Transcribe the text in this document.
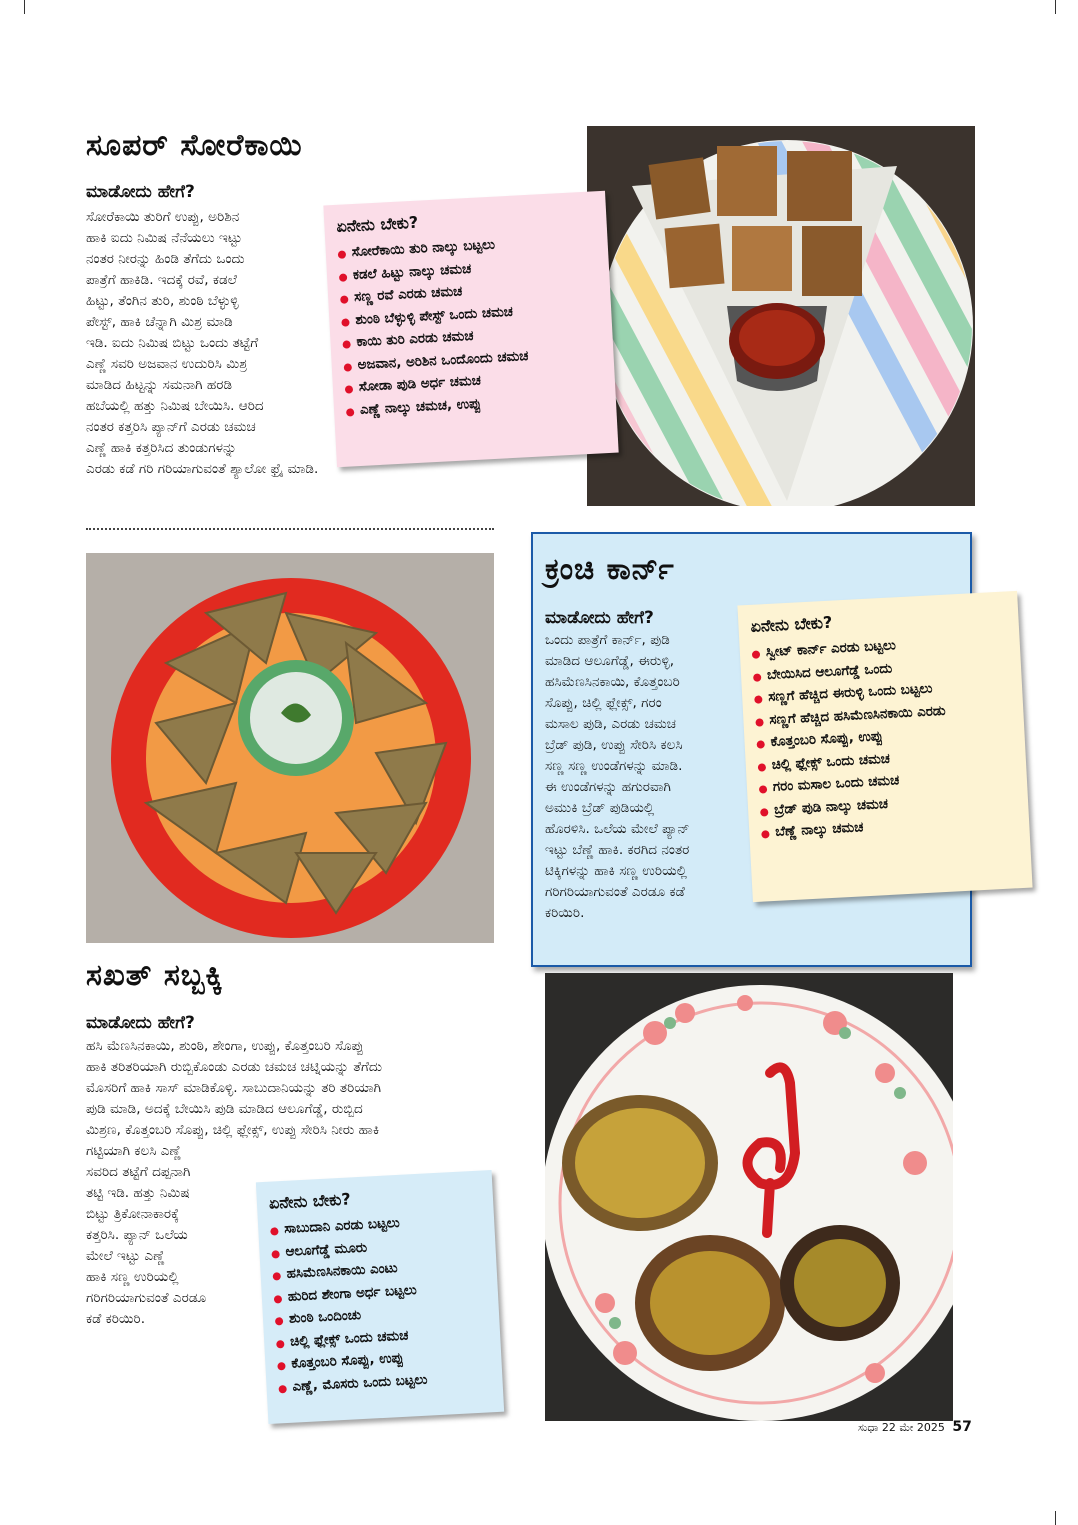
ಸೂಪರ್ ಸೋರೆಕಾಯಿ
ಮಾಡೋದು ಹೇಗೆ?

ಸೋರೆಕಾಯಿ ತುರಿಗೆ ಉಪ್ಪು, ಅರಿಶಿನ

ಹಾಕಿ ಐದು ನಿಮಿಷ ನೆನೆಯಲು ಇಟ್ಟು

ನಂತರ ನೀರನ್ನು ಹಿಂಡಿ ತೆಗೆದು ಒಂದು

ಪಾತ್ರೆಗೆ ಹಾಕಿಡಿ. ಇದಕ್ಕೆ ರವೆ, ಕಡಲೆ

ಹಿಟ್ಟು, ತೆಂಗಿನ ತುರಿ, ಶುಂಠಿ ಬೆಳ್ಳುಳ್ಳಿ

ಪೇಸ್ಟ್, ಹಾಕಿ ಚೆನ್ನಾಗಿ ಮಿಶ್ರ ಮಾಡಿ

ಇಡಿ. ಐದು ನಿಮಿಷ ಬಿಟ್ಟು ಒಂದು ತಟ್ಟೆಗೆ

ಎಣ್ಣೆ ಸವರಿ ಅಜವಾನ ಉದುರಿಸಿ ಮಿಶ್ರ

ಮಾಡಿದ ಹಿಟ್ಟನ್ನು ಸಮನಾಗಿ ಹರಡಿ

ಹಬೆಯಲ್ಲಿ ಹತ್ತು ನಿಮಿಷ ಬೇಯಿಸಿ. ಆರಿದ

ನಂತರ ಕತ್ತರಿಸಿ ಪ್ಯಾನ್‌ಗೆ ಎರಡು ಚಮಚ

ಎಣ್ಣೆ ಹಾಕಿ ಕತ್ತರಿಸಿದ ತುಂಡುಗಳನ್ನು

ಎರಡು ಕಡೆ ಗರಿ ಗರಿಯಾಗುವಂತೆ ಶ್ಯಾಲೋ ಫ್ರೈ ಮಾಡಿ.

ಏನೇನು ಬೇಕು?
ಸೋರೆಕಾಯಿ ತುರಿ ನಾಲ್ಕು ಬಟ್ಟಲು
ಕಡಲೆ ಹಿಟ್ಟು ನಾಲ್ಕು ಚಮಚ
ಸಣ್ಣ ರವೆ ಎರಡು ಚಮಚ
ಶುಂಠಿ ಬೆಳ್ಳುಳ್ಳಿ ಪೇಸ್ಟ್ ಒಂದು ಚಮಚ
ಕಾಯಿ ತುರಿ ಎರಡು ಚಮಚ
ಅಜವಾನ, ಅರಿಶಿನ ಒಂದೊಂದು ಚಮಚ
ಸೋಡಾ ಪುಡಿ ಅರ್ಧ ಚಮಚ
ಎಣ್ಣೆ ನಾಲ್ಕು ಚಮಚ, ಉಪ್ಪು
ಕ್ರಂಚಿ ಕಾರ್ನ್
ಮಾಡೋದು ಹೇಗೆ?

ಒಂದು ಪಾತ್ರೆಗೆ ಕಾರ್ನ್, ಪುಡಿ

ಮಾಡಿದ ಆಲೂಗೆಡ್ಡೆ, ಈರುಳ್ಳಿ,

ಹಸಿಮೆಣಸಿನಕಾಯಿ, ಕೊತ್ತಂಬರಿ

ಸೊಪ್ಪು, ಚಿಲ್ಲಿ ಫ್ಲೇಕ್ಸ್, ಗರಂ

ಮಸಾಲ ಪುಡಿ, ಎರಡು ಚಮಚ

ಬ್ರೆಡ್ ಪುಡಿ, ಉಪ್ಪು ಸೇರಿಸಿ ಕಲಸಿ

ಸಣ್ಣ ಸಣ್ಣ ಉಂಡೆಗಳನ್ನು ಮಾಡಿ.

ಈ ಉಂಡೆಗಳನ್ನು ಹಗುರವಾಗಿ

ಅಮುಕಿ ಬ್ರೆಡ್ ಪುಡಿಯಲ್ಲಿ

ಹೊರಳಿಸಿ. ಒಲೆಯ ಮೇಲೆ ಪ್ಯಾನ್

ಇಟ್ಟು ಬೆಣ್ಣೆ ಹಾಕಿ. ಕರಗಿದ ನಂತರ

ಟಿಕ್ಕಿಗಳನ್ನು ಹಾಕಿ ಸಣ್ಣ ಉರಿಯಲ್ಲಿ

ಗರಿಗರಿಯಾಗುವಂತೆ ಎರಡೂ ಕಡೆ

ಕರಿಯಿರಿ.

ಏನೇನು ಬೇಕು?
ಸ್ವೀಟ್ ಕಾರ್ನ್ ಎರಡು ಬಟ್ಟಲು
ಬೇಯಿಸಿದ ಆಲೂಗೆಡ್ಡೆ ಒಂದು
ಸಣ್ಣಗೆ ಹೆಚ್ಚಿದ ಈರುಳ್ಳಿ ಒಂದು ಬಟ್ಟಲು
ಸಣ್ಣಗೆ ಹೆಚ್ಚಿದ ಹಸಿಮೆಣಸಿನಕಾಯಿ ಎರಡು
ಕೊತ್ತಂಬರಿ ಸೊಪ್ಪು, ಉಪ್ಪು
ಚಿಲ್ಲಿ ಫ್ಲೇಕ್ಸ್ ಒಂದು ಚಮಚ
ಗರಂ ಮಸಾಲ ಒಂದು ಚಮಚ
ಬ್ರೆಡ್ ಪುಡಿ ನಾಲ್ಕು ಚಮಚ
ಬೆಣ್ಣೆ ನಾಲ್ಕು ಚಮಚ
ಸಖತ್ ಸಬ್ಬಕ್ಕಿ
ಮಾಡೋದು ಹೇಗೆ?

ಹಸಿ ಮೆಣಸಿನಕಾಯಿ, ಶುಂಠಿ, ಶೇಂಗಾ, ಉಪ್ಪು, ಕೊತ್ತಂಬರಿ ಸೊಪ್ಪು

ಹಾಕಿ ತರಿತರಿಯಾಗಿ ರುಬ್ಬಿಕೊಂಡು ಎರಡು ಚಮಚ ಚಟ್ನಿಯನ್ನು ತೆಗೆದು

ಮೊಸರಿಗೆ ಹಾಕಿ ಸಾಸ್ ಮಾಡಿಕೊಳ್ಳಿ. ಸಾಬುದಾನಿಯನ್ನು ತರಿ ತರಿಯಾಗಿ

ಪುಡಿ ಮಾಡಿ, ಅದಕ್ಕೆ ಬೇಯಿಸಿ ಪುಡಿ ಮಾಡಿದ ಆಲೂಗೆಡ್ಡೆ, ರುಬ್ಬಿದ

ಮಿಶ್ರಣ, ಕೊತ್ತಂಬರಿ ಸೊಪ್ಪು, ಚಿಲ್ಲಿ ಫ್ಲೇಕ್ಸ್, ಉಪ್ಪು ಸೇರಿಸಿ ನೀರು ಹಾಕಿ

ಗಟ್ಟಿಯಾಗಿ ಕಲಸಿ ಎಣ್ಣೆ

ಸವರಿದ ತಟ್ಟೆಗೆ ದಪ್ಪನಾಗಿ

ತಟ್ಟಿ ಇಡಿ. ಹತ್ತು ನಿಮಿಷ

ಬಿಟ್ಟು ತ್ರಿಕೋನಾಕಾರಕ್ಕೆ

ಕತ್ತರಿಸಿ. ಪ್ಯಾನ್ ಒಲೆಯ

ಮೇಲೆ ಇಟ್ಟು ಎಣ್ಣೆ

ಹಾಕಿ ಸಣ್ಣ ಉರಿಯಲ್ಲಿ

ಗರಿಗರಿಯಾಗುವಂತೆ ಎರಡೂ

ಕಡೆ ಕರಿಯಿರಿ.

ಏನೇನು ಬೇಕು?
ಸಾಬುದಾನಿ ಎರಡು ಬಟ್ಟಲು
ಆಲೂಗೆಡ್ಡೆ ಮೂರು
ಹಸಿಮೆಣಸಿನಕಾಯಿ ಎಂಟು
ಹುರಿದ ಶೇಂಗಾ ಅರ್ಧ ಬಟ್ಟಲು
ಶುಂಠಿ ಒಂದಿಂಚು
ಚಿಲ್ಲಿ ಫ್ಲೇಕ್ಸ್ ಒಂದು ಚಮಚ
ಕೊತ್ತಂಬರಿ ಸೊಪ್ಪು, ಉಪ್ಪು
ಎಣ್ಣೆ, ಮೊಸರು ಒಂದು ಬಟ್ಟಲು
ಸುಧಾ 22 ಮೇ 2025 57
